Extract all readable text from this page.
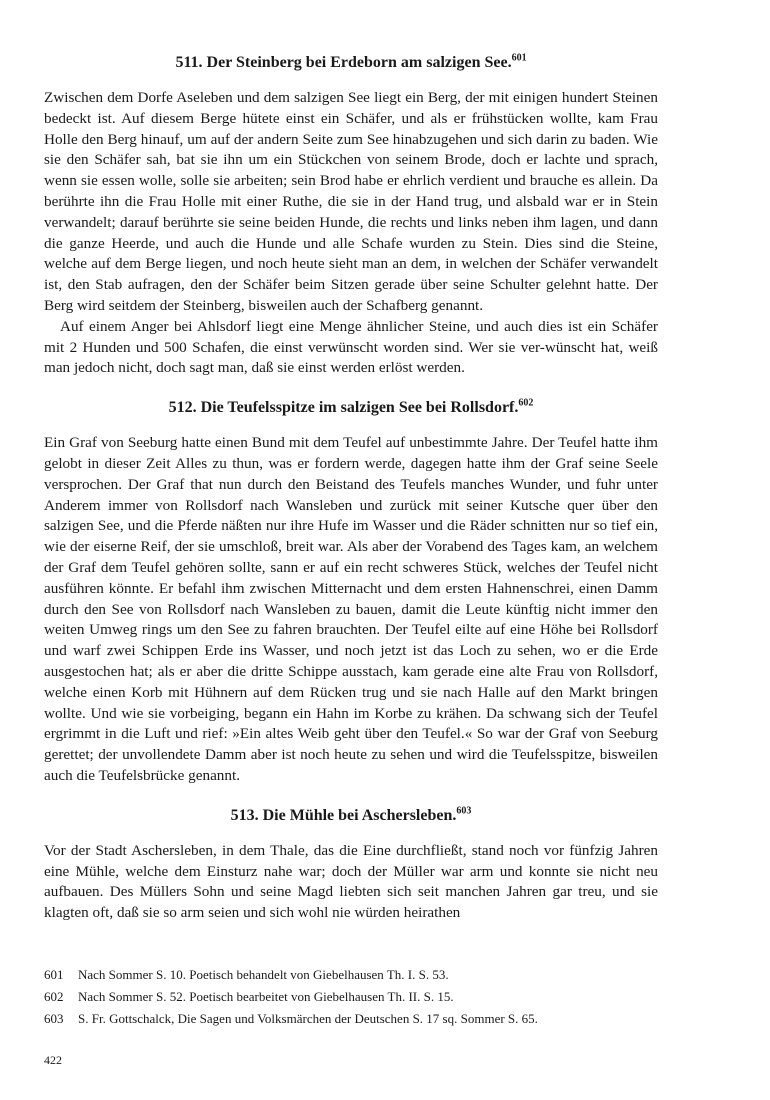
511. Der Steinberg bei Erdeborn am salzigen See.$^{601}$

Zwischen dem Dorfe Aseleben und dem salzigen See liegt ein Berg, der mit einigen hundert Steinen bedeckt ist. Auf diesem Berge hütete einst ein Schäfer, und als er frühstücken wollte, kam Frau Holle den Berg hinauf, um auf der andern Seite zum See hinabzugehen und sich darin zu baden. Wie sie den Schäfer sah, bat sie ihn um ein Stückchen von seinem Brode, doch er lachte und sprach, wenn sie essen wolle, solle sie arbeiten; sein Brod habe er ehrlich verdient und brauche es allein. Da berührte ihn die Frau Holle mit einer Ruthe, die sie in der Hand trug, und alsbald war er in Stein verwandelt; darauf berührte sie seine beiden Hunde, die rechts und links neben ihm lagen, und dann die ganze Heerde, und auch die Hunde und alle Schafe wurden zu Stein. Dies sind die Steine, welche auf dem Berge liegen, und noch heute sieht man an dem, in welchen der Schäfer verwandelt ist, den Stab aufragen, den der Schäfer beim Sitzen gerade über seine Schulter gelehnt hatte. Der Berg wird seitdem der Steinberg, bisweilen auch der Schafberg genannt.

Auf einem Anger bei Ahlsdorf liegt eine Menge ähnlicher Steine, und auch dies ist ein Schäfer mit 2 Hunden und 500 Schafen, die einst verwünscht worden sind. Wer sie ver-wünscht hat, weiß man jedoch nicht, doch sagt man, daß sie einst werden erlöst werden.

512. Die Teufelsspitze im salzigen See bei Rollsdorf.$^{602}$

Ein Graf von Seeburg hatte einen Bund mit dem Teufel auf unbestimmte Jahre. Der Teufel hatte ihm gelobt in dieser Zeit Alles zu thun, was er fordern werde, dagegen hatte ihm der Graf seine Seele versprochen. Der Graf that nun durch den Beistand des Teufels manches Wunder, und fuhr unter Anderem immer von Rollsdorf nach Wansleben und zurück mit seiner Kutsche quer über den salzigen See, und die Pferde näßten nur ihre Hufe im Wasser und die Räder schnitten nur so tief ein, wie der eiserne Reif, der sie umschloß, breit war. Als aber der Vorabend des Tages kam, an welchem der Graf dem Teufel gehören sollte, sann er auf ein recht schweres Stück, welches der Teufel nicht ausführen könnte. Er befahl ihm zwischen Mitternacht und dem ersten Hahnenschrei, einen Damm durch den See von Rollsdorf nach Wansleben zu bauen, damit die Leute künftig nicht immer den weiten Umweg rings um den See zu fahren brauchten. Der Teufel eilte auf eine Höhe bei Rollsdorf und warf zwei Schippen Erde ins Wasser, und noch jetzt ist das Loch zu sehen, wo er die Erde ausgestochen hat; als er aber die dritte Schippe ausstach, kam gerade eine alte Frau von Rollsdorf, welche einen Korb mit Hühnern auf dem Rücken trug und sie nach Halle auf den Markt bringen wollte. Und wie sie vorbeiging, begann ein Hahn im Korbe zu krähen. Da schwang sich der Teufel ergrimmt in die Luft und rief: »Ein altes Weib geht über den Teufel.« So war der Graf von Seeburg gerettet; der unvollendete Damm aber ist noch heute zu sehen und wird die Teufelsspitze, bisweilen auch die Teufelsbrücke genannt.

513. Die Mühle bei Aschersleben.$^{603}$

Vor der Stadt Aschersleben, in dem Thale, das die Eine durchfließt, stand noch vor fünfzig Jahren eine Mühle, welche dem Einsturz nahe war; doch der Müller war arm und konnte sie nicht neu aufbauen. Des Müllers Sohn und seine Magd liebten sich seit manchen Jahren gar treu, und sie klagten oft, daß sie so arm seien und sich wohl nie würden heirathen

601	Nach Sommer S. 10. Poetisch behandelt von Giebelhausen Th. I. S. 53.
602	Nach Sommer S. 52. Poetisch bearbeitet von Giebelhausen Th. II. S. 15.
603	S. Fr. Gottschalck, Die Sagen und Volksmärchen der Deutschen S. 17 sq. Sommer S. 65.
422
